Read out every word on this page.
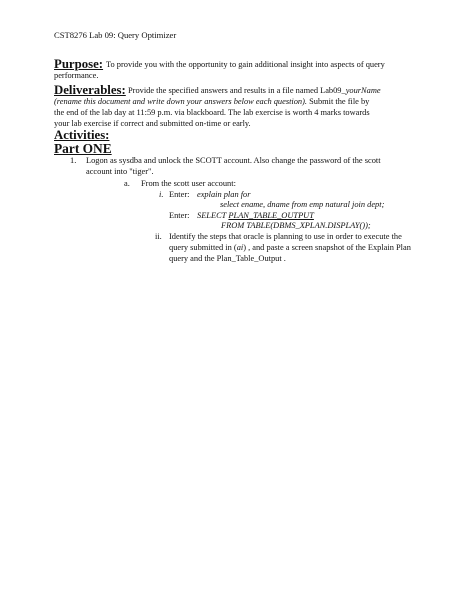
CST8276 Lab 09: Query Optimizer

Purpose: To provide you with the opportunity to gain additional insight into aspects of query

performance.

Deliverables: Provide the specified answers and results in a file named Lab09_yourName

(rename this document and write down your answers below each question). Submit the file by

the end of the lab day at 11:59 p.m. via blackboard. The lab exercise is worth 4 marks towards

your lab exercise if correct and submitted on-time or early.

Activities:

Part ONE

1. Logon as sysdba and unlock the SCOTT account. Also change the password of the scott

account into "tiger".

a. From the scott user account:

i. Enter: explain plan for

select ename, dname from emp natural join dept;

Enter: SELECT PLAN_TABLE_OUTPUT

FROM TABLE(DBMS_XPLAN.DISPLAY());

ii. Identify the steps that oracle is planning to use in order to execute the

query submitted in (ai) , and paste a screen snapshot of the Explain Plan

query and the Plan_Table_Output .
